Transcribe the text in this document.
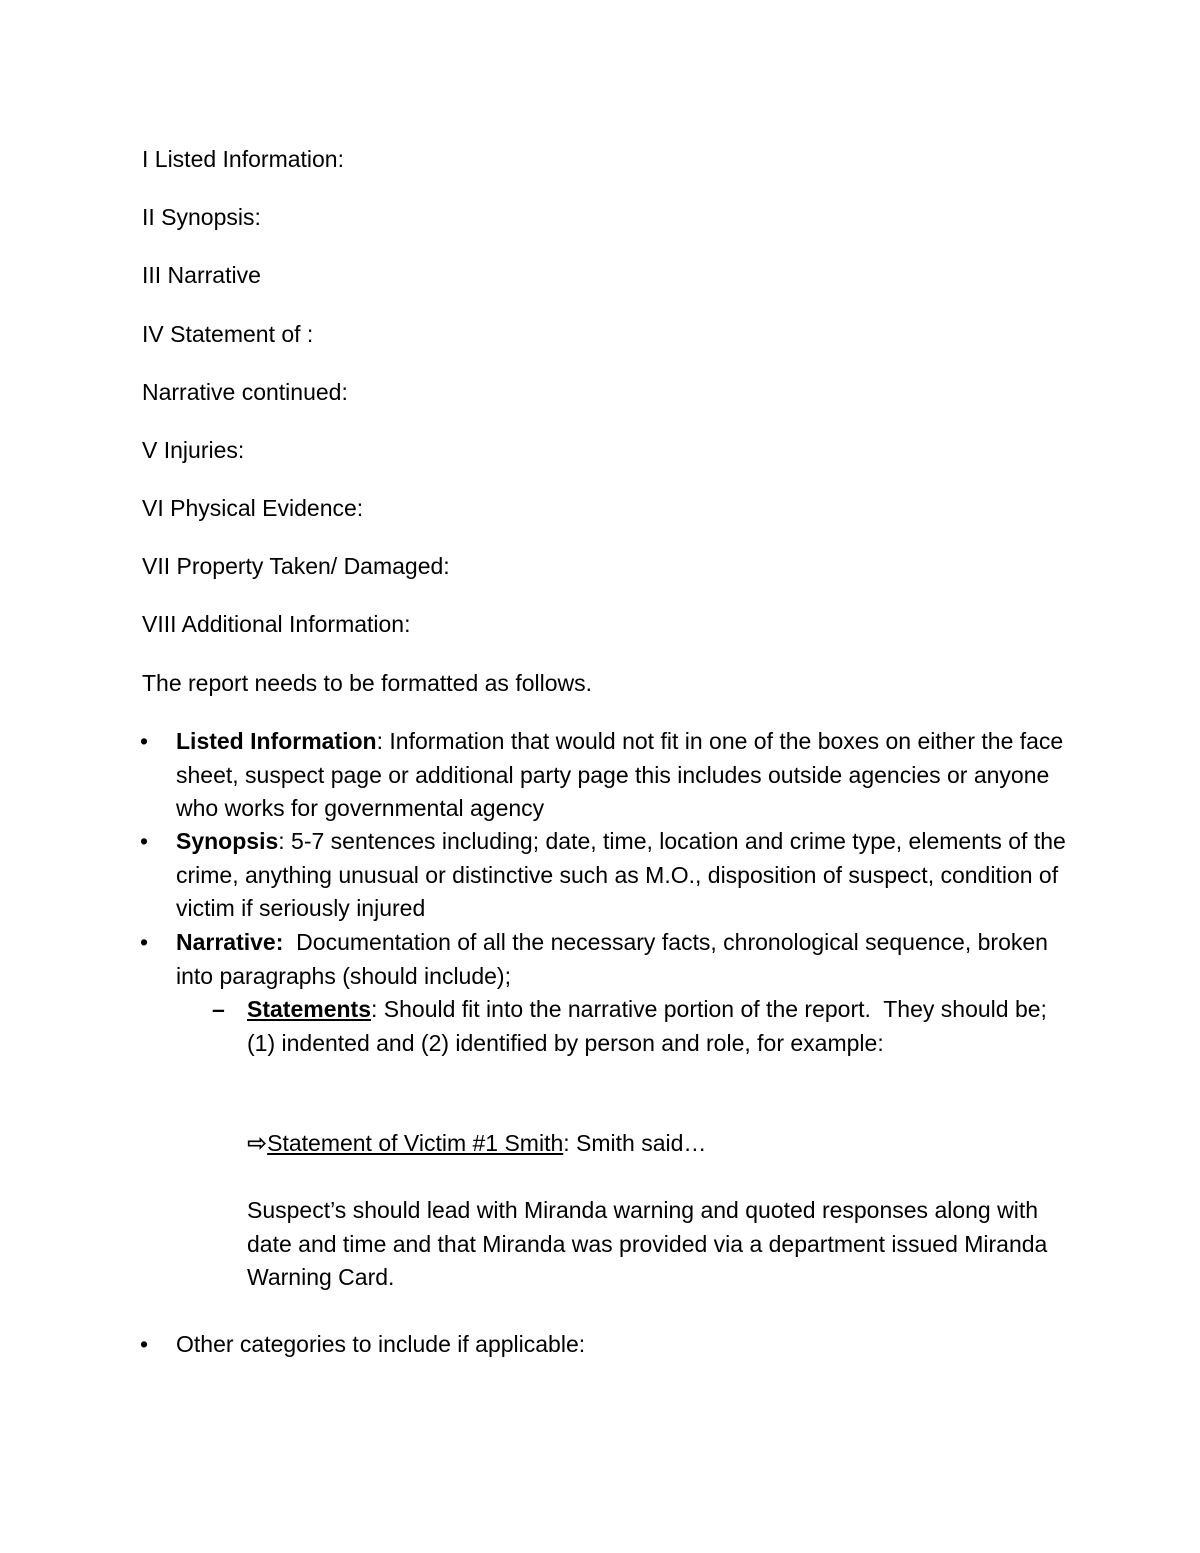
I Listed Information:
II Synopsis:
III Narrative
IV Statement of :
Narrative continued:
V Injuries:
VI Physical Evidence:
VII Property Taken/ Damaged:
VIII Additional Information:
The report needs to be formatted as follows.
• Listed Information: Information that would not fit in one of the boxes on either the face sheet, suspect page or additional party page this includes outside agencies or anyone who works for governmental agency
• Synopsis: 5-7 sentences including; date, time, location and crime type, elements of the crime, anything unusual or distinctive such as M.O., disposition of suspect, condition of victim if seriously injured
• Narrative: Documentation of all the necessary facts, chronological sequence, broken into paragraphs (should include);
– Statements: Should fit into the narrative portion of the report.  They should be; (1) indented and (2) identified by person and role, for example:
⇨Statement of Victim #1 Smith: Smith said…
Suspect’s should lead with Miranda warning and quoted responses along with date and time and that Miranda was provided via a department issued Miranda Warning Card.
• Other categories to include if applicable:
